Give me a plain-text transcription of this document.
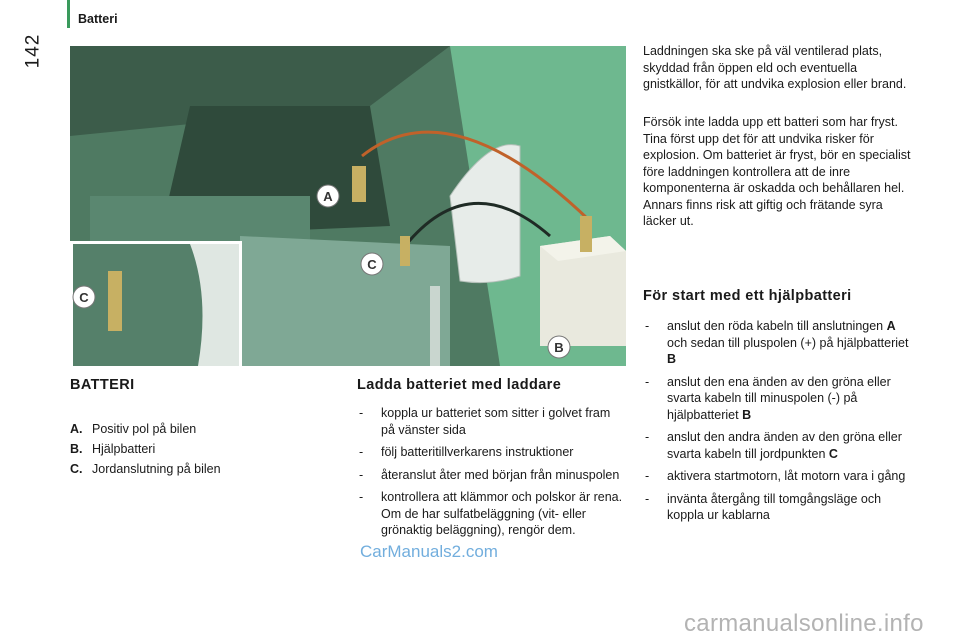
Batteri
142
A
C
B
C
BATTERI
A. Positiv pol på bilen
B. Hjälpbatteri
C. Jordanslutning på bilen
Ladda batteriet med laddare
- koppla ur batteriet som sitter i golvet fram på vänster sida
- följ batteritillverkarens instruktioner
- återanslut åter med början från minuspolen
- kontrollera att klämmor och polskor är rena. Om de har sulfatbeläggning (vit- eller grönaktig beläggning), rengör dem.
Laddningen ska ske på väl ventilerad plats, skyddad från öppen eld och eventuella gnistkällor, för att undvika explosion eller brand.
Försök inte ladda upp ett batteri som har fryst. Tina först upp det för att undvika risker för explosion. Om batteriet är fryst, bör en specialist före laddningen kontrollera att de inre komponenterna är oskadda och behållaren hel. Annars finns risk att giftig och frätande syra läcker ut.
För start med ett hjälpbatteri
- anslut den röda kabeln till anslutningen A och sedan till pluspolen (+) på hjälpbatteriet B
- anslut den ena änden av den gröna eller svarta kabeln till minuspolen (-) på hjälpbatteriet B
- anslut den andra änden av den gröna eller svarta kabeln till jordpunkten C
- aktivera startmotorn, låt motorn vara i gång
- invänta återgång till tomgångsläge och koppla ur kablarna
CarManuals2.com
carmanualsonline.info
